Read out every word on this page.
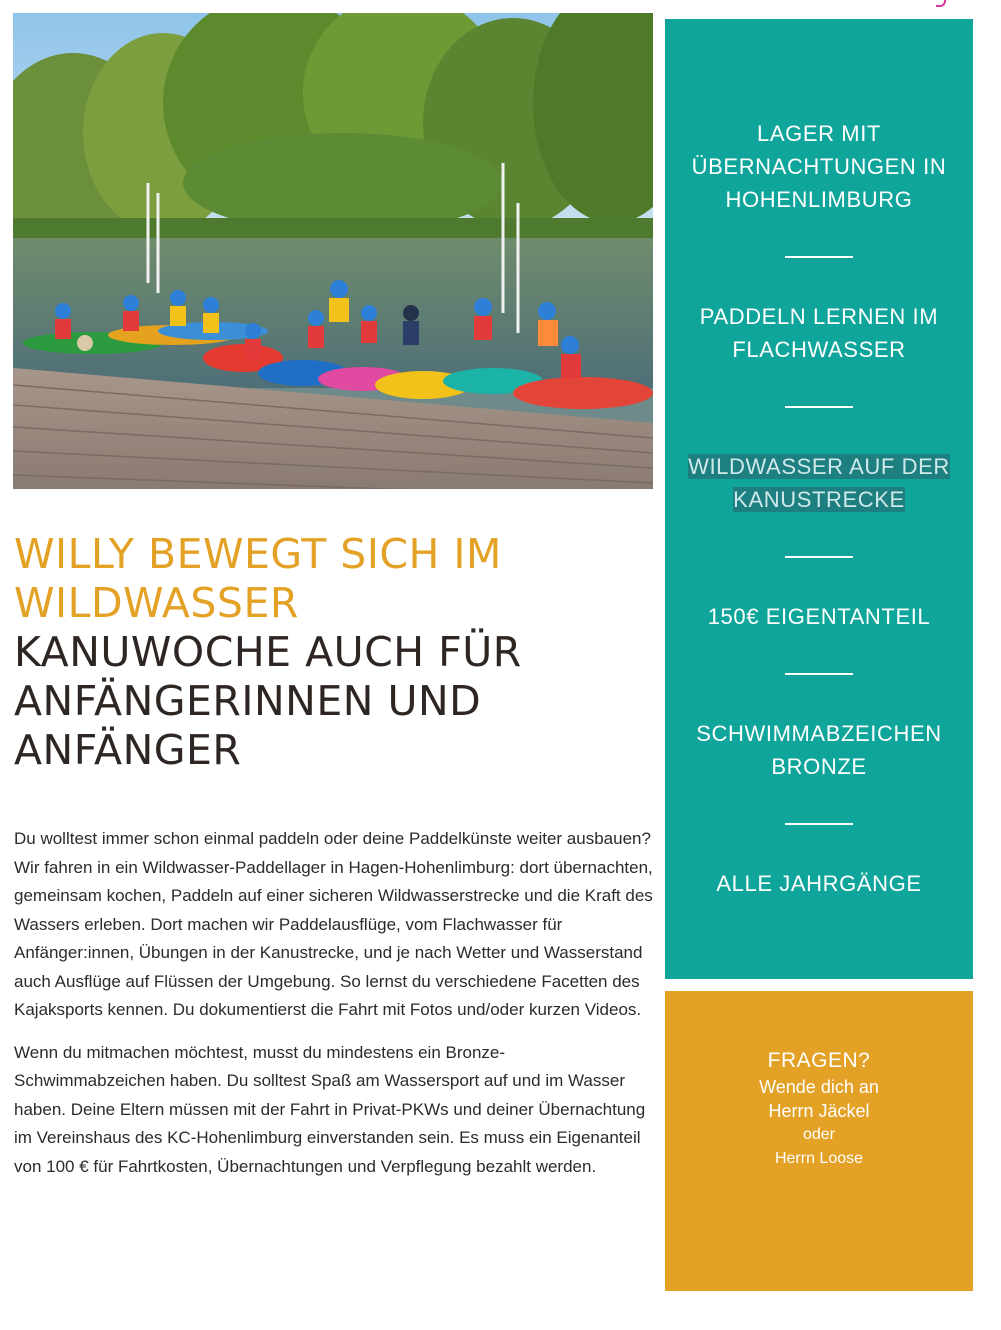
WILLY BEWEGT SICH IM
WILDWASSER
KANUWOCHE AUCH FÜR
ANFÄNGERINNEN UND
ANFÄNGER

Du wolltest immer schon einmal paddeln oder deine Paddelkünste weiter ausbauen? Wir fahren in ein Wildwasser-Paddellager in Hagen-Hohenlimburg: dort übernachten, gemeinsam kochen, Paddeln auf einer sicheren Wildwasserstrecke und die Kraft des Wassers erleben. Dort machen wir Paddelausflüge, vom Flachwasser für Anfänger:innen, Übungen in der Kanustrecke, und je nach Wetter und Wasserstand auch Ausflüge auf Flüssen der Umgebung. So lernst du verschiedene Facetten des Kajaksports kennen. Du dokumentierst die Fahrt mit Fotos und/oder kurzen Videos.

Wenn du mitmachen möchtest, musst du mindestens ein Bronze-Schwimmabzeichen haben. Du solltest Spaß am Wassersport auf und im Wasser haben. Deine Eltern müssen mit der Fahrt in Privat-PKWs und deiner Übernachtung im Vereinshaus des KC-Hohenlimburg einverstanden sein. Es muss ein Eigenanteil von 100 € für Fahrtkosten, Übernachtungen und Verpflegung bezahlt werden.

LAGER MIT ÜBERNACHTUNGEN IN HOHENLIMBURG
PADDELN LERNEN IM FLACHWASSER
WILDWASSER AUF DER KANUSTRECKE
150€ EIGENTANTEIL
SCHWIMMABZEICHEN BRONZE
ALLE JAHRGÄNGE
FRAGEN?
Wende dich an
Herrn Jäckel
oder
Herrn Loose
